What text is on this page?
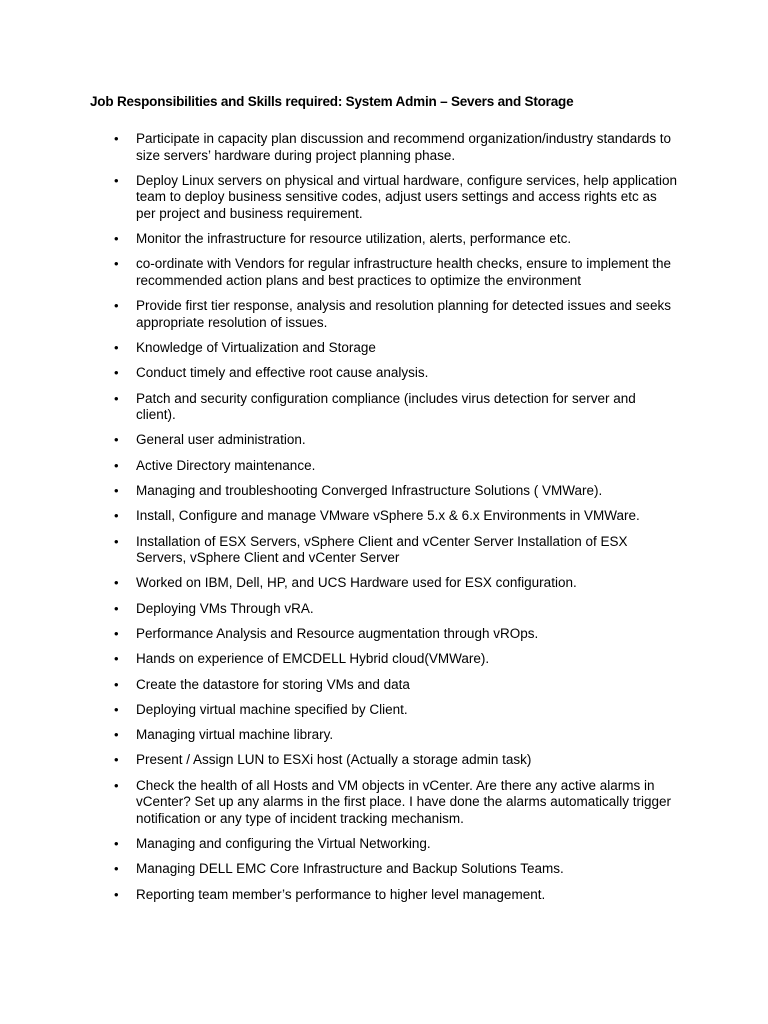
Job Responsibilities and Skills required: System Admin – Severs and Storage
• Participate in capacity plan discussion and recommend organization/industry standards to size servers’ hardware during project planning phase.
• Deploy Linux servers on physical and virtual hardware, configure services, help application team to deploy business sensitive codes, adjust users settings and access rights etc as per project and business requirement.
• Monitor the infrastructure for resource utilization, alerts, performance etc.
• co-ordinate with Vendors for regular infrastructure health checks, ensure to implement the recommended action plans and best practices to optimize the environment
• Provide first tier response, analysis and resolution planning for detected issues and seeks appropriate resolution of issues.
• Knowledge of Virtualization and Storage
• Conduct timely and effective root cause analysis.
• Patch and security configuration compliance (includes virus detection for server and client).
• General user administration.
• Active Directory maintenance.
• Managing and troubleshooting Converged Infrastructure Solutions ( VMWare).
• Install, Configure and manage VMware vSphere 5.x & 6.x Environments in VMWare.
• Installation of ESX Servers, vSphere Client and vCenter Server Installation of ESX Servers, vSphere Client and vCenter Server
• Worked on IBM, Dell, HP, and UCS Hardware used for ESX configuration.
• Deploying VMs Through vRA.
• Performance Analysis and Resource augmentation through vROps.
• Hands on experience of EMCDELL Hybrid cloud(VMWare).
• Create the datastore for storing VMs and data
• Deploying virtual machine specified by Client.
• Managing virtual machine library.
• Present / Assign LUN to ESXi host (Actually a storage admin task)
• Check the health of all Hosts and VM objects in vCenter. Are there any active alarms in vCenter? Set up any alarms in the first place. I have done the alarms automatically trigger notification or any type of incident tracking mechanism.
• Managing and configuring the Virtual Networking.
• Managing DELL EMC Core Infrastructure and Backup Solutions Teams.
• Reporting team member’s performance to higher level management.
